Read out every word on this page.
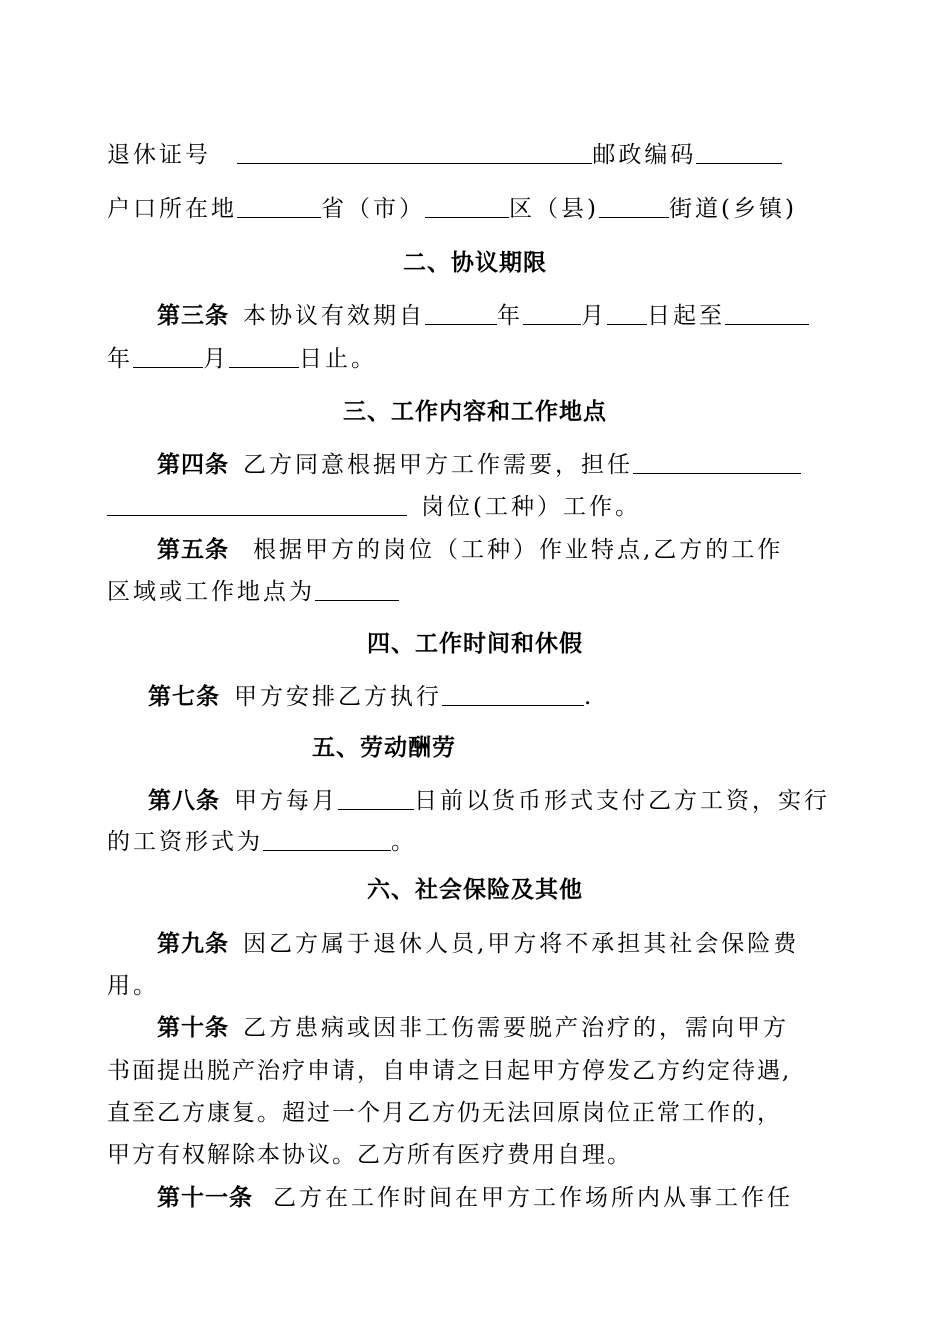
退休证号	邮政编码
户口所在地	省（市）	区（县)	街道(乡镇)
二、协议期限
第三条 本协议有效期自	年	月 日起至
年	月	日止。
三、工作内容和工作地点
第四条 乙方同意根据甲方工作需要，担任
岗位(工种）工作。
第五条 根据甲方的岗位（工种）作业特点,乙方的工作
区域或工作地点为
四、工作时间和休假
第七条 甲方安排乙方执行	.
五、劳动酬劳
第八条 甲方每月	日前以货币形式支付乙方工资，实行
的工资形式为	。
六、社会保险及其他
第九条 因乙方属于退休人员,甲方将不承担其社会保险费
用。
第十条 乙方患病或因非工伤需要脱产治疗的，需向甲方
书面提出脱产治疗申请，自申请之日起甲方停发乙方约定待遇,
直至乙方康复。超过一个月乙方仍无法回原岗位正常工作的，
甲方有权解除本协议。乙方所有医疗费用自理。
第十一条 乙方在工作时间在甲方工作场所内从事工作任
